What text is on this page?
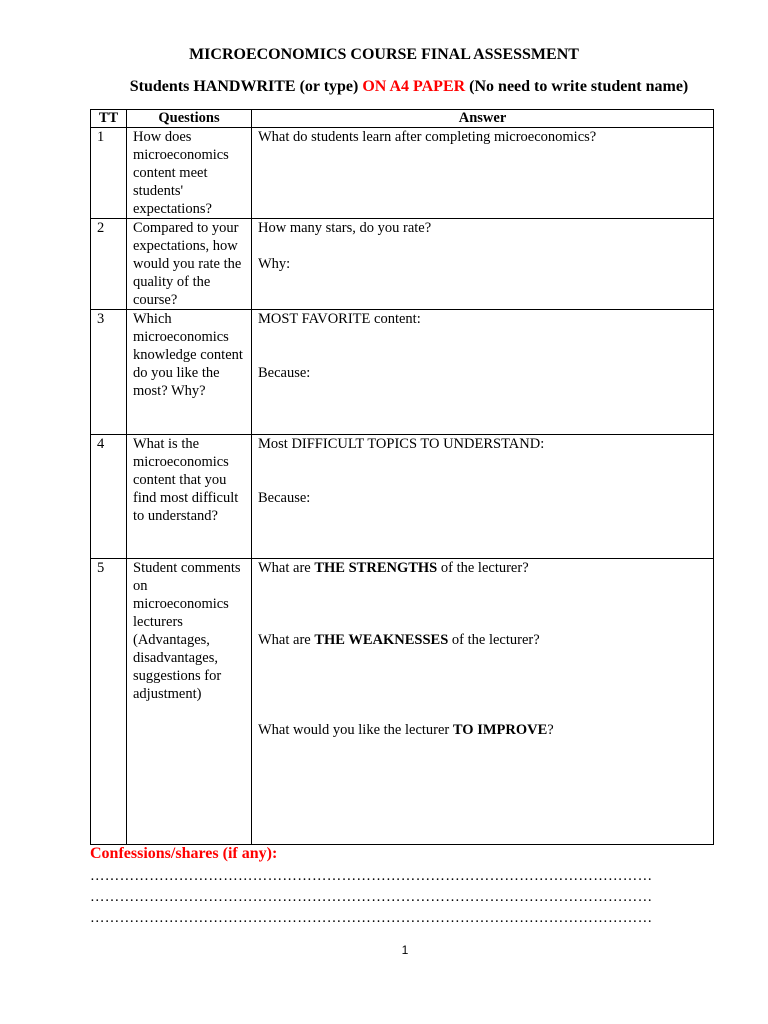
MICROECONOMICS COURSE FINAL ASSESSMENT
Students HANDWRITE (or type) ON A4 PAPER (No need to write student name)
TT	Questions	Answer
1	How does microeconomics content meet students' expectations?	What do students learn after completing microeconomics?

2	Compared to your expectations, how would you rate the quality of the course?	How many stars, do you rate?
Why:

3	Which microeconomics knowledge content do you like the most? Why?	MOST FAVORITE content:
Because:

4	What is the microeconomics content that you find most difficult to understand?	Most DIFFICULT TOPICS TO UNDERSTAND:
Because:

5	Student comments on microeconomics lecturers (Advantages, disadvantages, suggestions for adjustment)	What are THE STRENGTHS of the lecturer?
What are THE WEAKNESSES of the lecturer?
What would you like the lecturer TO IMPROVE?
Confessions/shares (if any):
……………………………………………………………………………………………………
……………………………………………………………………………………………………
……………………………………………………………………………………………………
1
